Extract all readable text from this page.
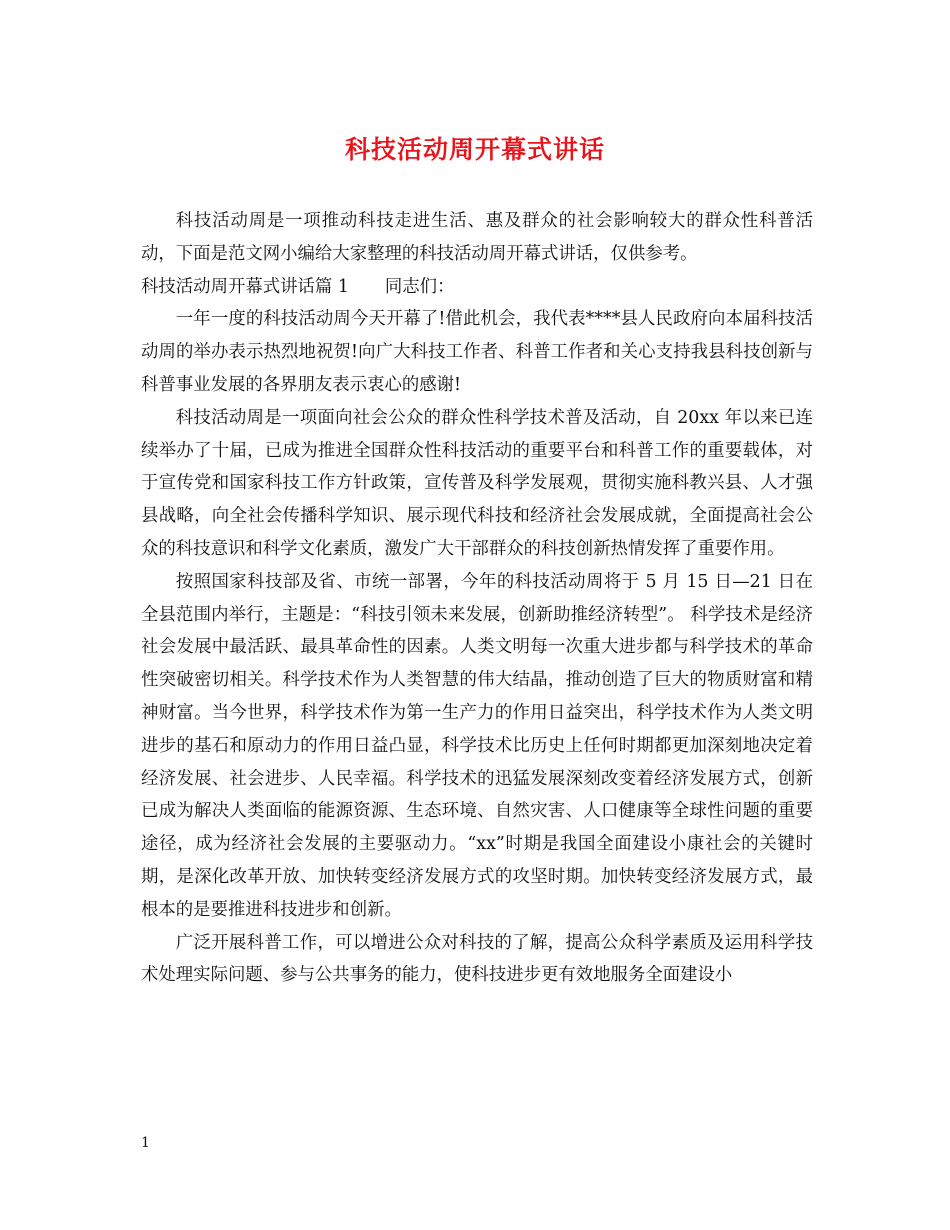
科技活动周开幕式讲话

科技活动周是一项推动科技走进生活、惠及群众的社会影响较大的群众性科普活动，下面是范文网小编给大家整理的科技活动周开幕式讲话，仅供参考。

科技活动周开幕式讲话篇 1 同志们：

一年一度的科技活动周今天开幕了!借此机会，我代表****县人民政府向本届科技活动周的举办表示热烈地祝贺!向广大科技工作者、科普工作者和关心支持我县科技创新与科普事业发展的各界朋友表示衷心的感谢!

科技活动周是一项面向社会公众的群众性科学技术普及活动，自 20xx 年以来已连续举办了十届，已成为推进全国群众性科技活动的重要平台和科普工作的重要载体，对于宣传党和国家科技工作方针政策，宣传普及科学发展观，贯彻实施科教兴县、人才强县战略，向全社会传播科学知识、展示现代科技和经济社会发展成就，全面提高社会公众的科技意识和科学文化素质，激发广大干部群众的科技创新热情发挥了重要作用。

按照国家科技部及省、市统一部署，今年的科技活动周将于 5 月 15 日—21 日在全县范围内举行，主题是：“科技引领未来发展，创新助推经济转型”。 科学技术是经济社会发展中最活跃、最具革命性的因素。人类文明每一次重大进步都与科学技术的革命性突破密切相关。科学技术作为人类智慧的伟大结晶，推动创造了巨大的物质财富和精神财富。当今世界，科学技术作为第一生产力的作用日益突出，科学技术作为人类文明进步的基石和原动力的作用日益凸显，科学技术比历史上任何时期都更加深刻地决定着经济发展、社会进步、人民幸福。科学技术的迅猛发展深刻改变着经济发展方式，创新已成为解决人类面临的能源资源、生态环境、自然灾害、人口健康等全球性问题的重要途径，成为经济社会发展的主要驱动力。“xx”时期是我国全面建设小康社会的关键时期，是深化改革开放、加快转变经济发展方式的攻坚时期。加快转变经济发展方式，最根本的是要推进科技进步和创新。

广泛开展科普工作，可以增进公众对科技的了解，提高公众科学素质及运用科学技术处理实际问题、参与公共事务的能力，使科技进步更有效地服务全面建设小

1
